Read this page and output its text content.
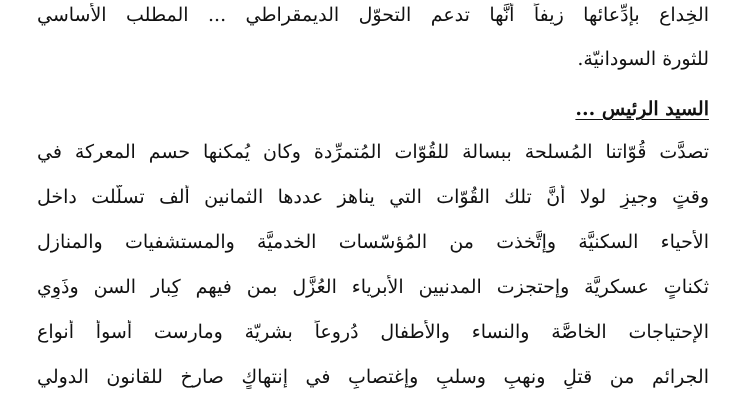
الخِداع بإدِّعائها زيفاً أنَّها تدعم التحوّل الديمقراطي ... المطلب الأساسي
للثورة السودانيّة.
السيد الرئيس ...
تصدَّت قُوّاتنا المُسلحة ببسالة للقُوّات المُتمرِّدة وكان يُمكنها حسم المعركة في
وقتٍ وجيزٍ لولا أنَّ تلك القُوّات التي يناهز عددها الثمانين ألف تسلَّلت داخل
الأحياء السكنيَّة وإتَّخذت من المُؤسّسات الخدميَّة والمستشفيات والمنازل
ثكناتٍ عسكريَّة وإحتجزت المدنيين الأبرياء العُزَّل بمن فيهم كِبار السن وذَوِي
الإحتياجات الخاصَّة والنساء والأطفال دُروعاً بشريّة ومارست أسوأ أنواع
الجرائم من قتلٍ ونهبٍ وسلبٍ وإغتصابٍ في إنتهاكٍ صارخٍ للقانون الدولي
